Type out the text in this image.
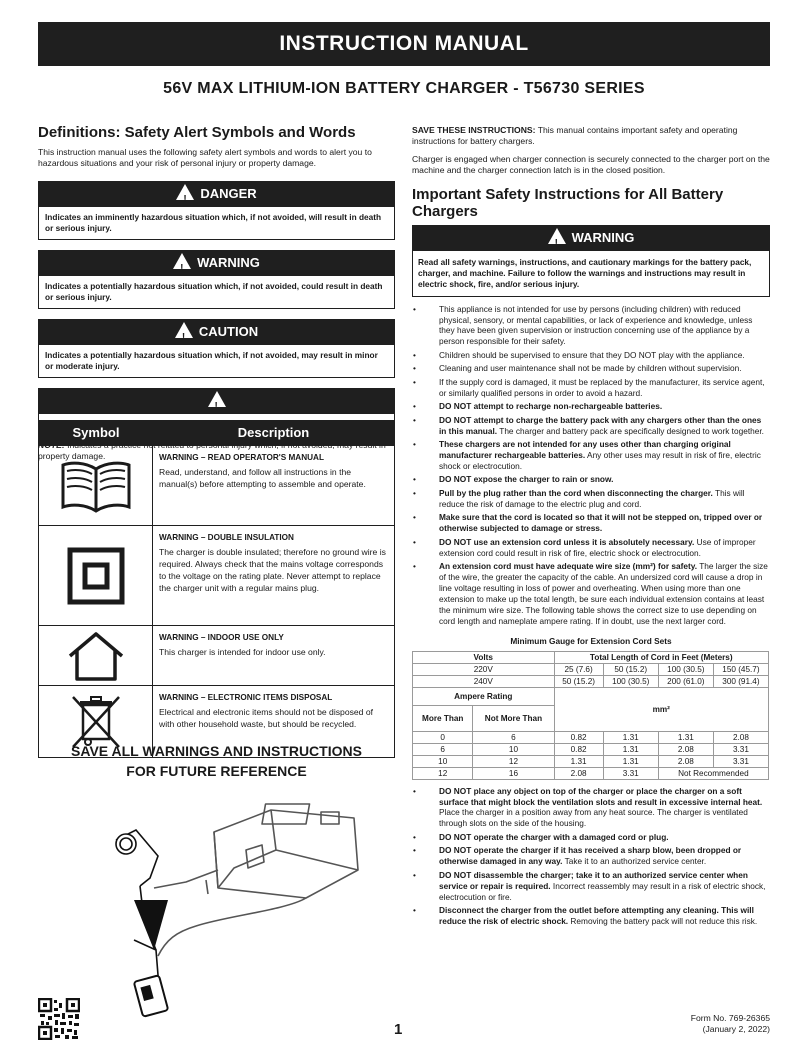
INSTRUCTION MANUAL
56V MAX LITHIUM-ION BATTERY CHARGER - T56730 SERIES
Definitions: Safety Alert Symbols and Words
This instruction manual uses the following safety alert symbols and words to alert you to hazardous situations and your risk of personal injury or property damage.
!DANGER
Indicates an imminently hazardous situation which, if not avoided, will result in death or serious injury.
!WARNING
Indicates a potentially hazardous situation which, if not avoided, could result in death or serious injury.
!CAUTION
Indicates a potentially hazardous situation which, if not avoided, may result in minor or moderate injury.
!
property damage.
Symbol	Description
WARNING – READ OPERATOR'S MANUAL
Read, understand, and follow all instructions in the manual(s) before attempting to assemble and operate.
WARNING – DOUBLE INSULATION
The charger is double insulated; therefore no ground wire is required. Always check that the mains voltage corresponds to the voltage on the rating plate. Never attempt to replace the charger unit with a regular mains plug.
WARNING – INDOOR USE ONLY
This charger is intended for indoor use only.
WARNING – ELECTRONIC ITEMS DISPOSAL
Electrical and electronic items should not be disposed of with other household waste, but should be recycled.
SAVE ALL WARNINGS AND INSTRUCTIONS
FOR FUTURE REFERENCE
SAVE THESE INSTRUCTIONS: This manual contains important safety and operating instructions for battery chargers.
Charger is engaged when charger connection is securely connected to the charger port on the machine and the charger connection latch is in the closed position.
Important Safety Instructions for All Battery Chargers
!WARNING
Read all safety warnings, instructions, and cautionary markings for the battery pack, charger, and machine. Failure to follow the warnings and instructions may result in electric shock, fire, and/or serious injury.
• This appliance is not intended for use by persons (including children) with reduced physical, sensory, or mental capabilities, or lack of experience and knowledge, unless they have been given supervision or instruction concerning use of the appliance by a person responsible for their safety.
• Children should be supervised to ensure that they DO NOT play with the appliance.
• Cleaning and user maintenance shall not be made by children without supervision.
• If the supply cord is damaged, it must be replaced by the manufacturer, its service agent, or similarly qualified persons in order to avoid a hazard.
• DO NOT attempt to recharge non-rechargeable batteries.
• DO NOT attempt to charge the battery pack with any chargers other than the ones in this manual. The charger and battery pack are specifically designed to work together.
• These chargers are not intended for any uses other than charging original manufacturer rechargeable batteries. Any other uses may result in risk of fire, electric shock or electrocution.
• DO NOT expose the charger to rain or snow.
• Pull by the plug rather than the cord when disconnecting the charger. This will reduce the risk of damage to the electric plug and cord.
• Make sure that the cord is located so that it will not be stepped on, tripped over or otherwise subjected to damage or stress.
• DO NOT use an extension cord unless it is absolutely necessary. Use of improper extension cord could result in risk of fire, electric shock or electrocution.
• An extension cord must have adequate wire size (mm²) for safety. The larger the size of the wire, the greater the capacity of the cable. An undersized cord will cause a drop in line voltage resulting in loss of power and overheating. When using more than one extension to make up the total length, be sure each individual extension contains at least the minimum wire size. The following table shows the correct size to use depending on cord length and nameplate ampere rating. If in doubt, use the next larger cord.
Minimum Gauge for Extension Cord Sets
Volts		Total Length of Cord in Feet (Meters)			
220V		25 (7.6)	50 (15.2)	100 (30.5)	150 (45.7)
240V		50 (15.2)	100 (30.5)	200 (61.0)	300 (91.4)
Ampere Rating		mm²			
More Than	Not More Than				
0	6	0.82	1.31	1.31	2.08
6	10	0.82	1.31	2.08	3.31
10	12	1.31	1.31	2.08	3.31
12	16	2.08	3.31	Not Recommended	
• DO NOT place any object on top of the charger or place the charger on a soft surface that might block the ventilation slots and result in excessive internal heat. Place the charger in a position away from any heat source. The charger is ventilated through slots on the side of the housing.
• DO NOT operate the charger with a damaged cord or plug.
• DO NOT operate the charger if it has received a sharp blow, been dropped or otherwise damaged in any way. Take it to an authorized service center.
• DO NOT disassemble the charger; take it to an authorized service center when service or repair is required. Incorrect reassembly may result in a risk of electric shock, electrocution or fire.
• Disconnect the charger from the outlet before attempting any cleaning. This will reduce the risk of electric shock. Removing the battery pack will not reduce this risk.
1
Form No. 769-26365
(January 2, 2022)
